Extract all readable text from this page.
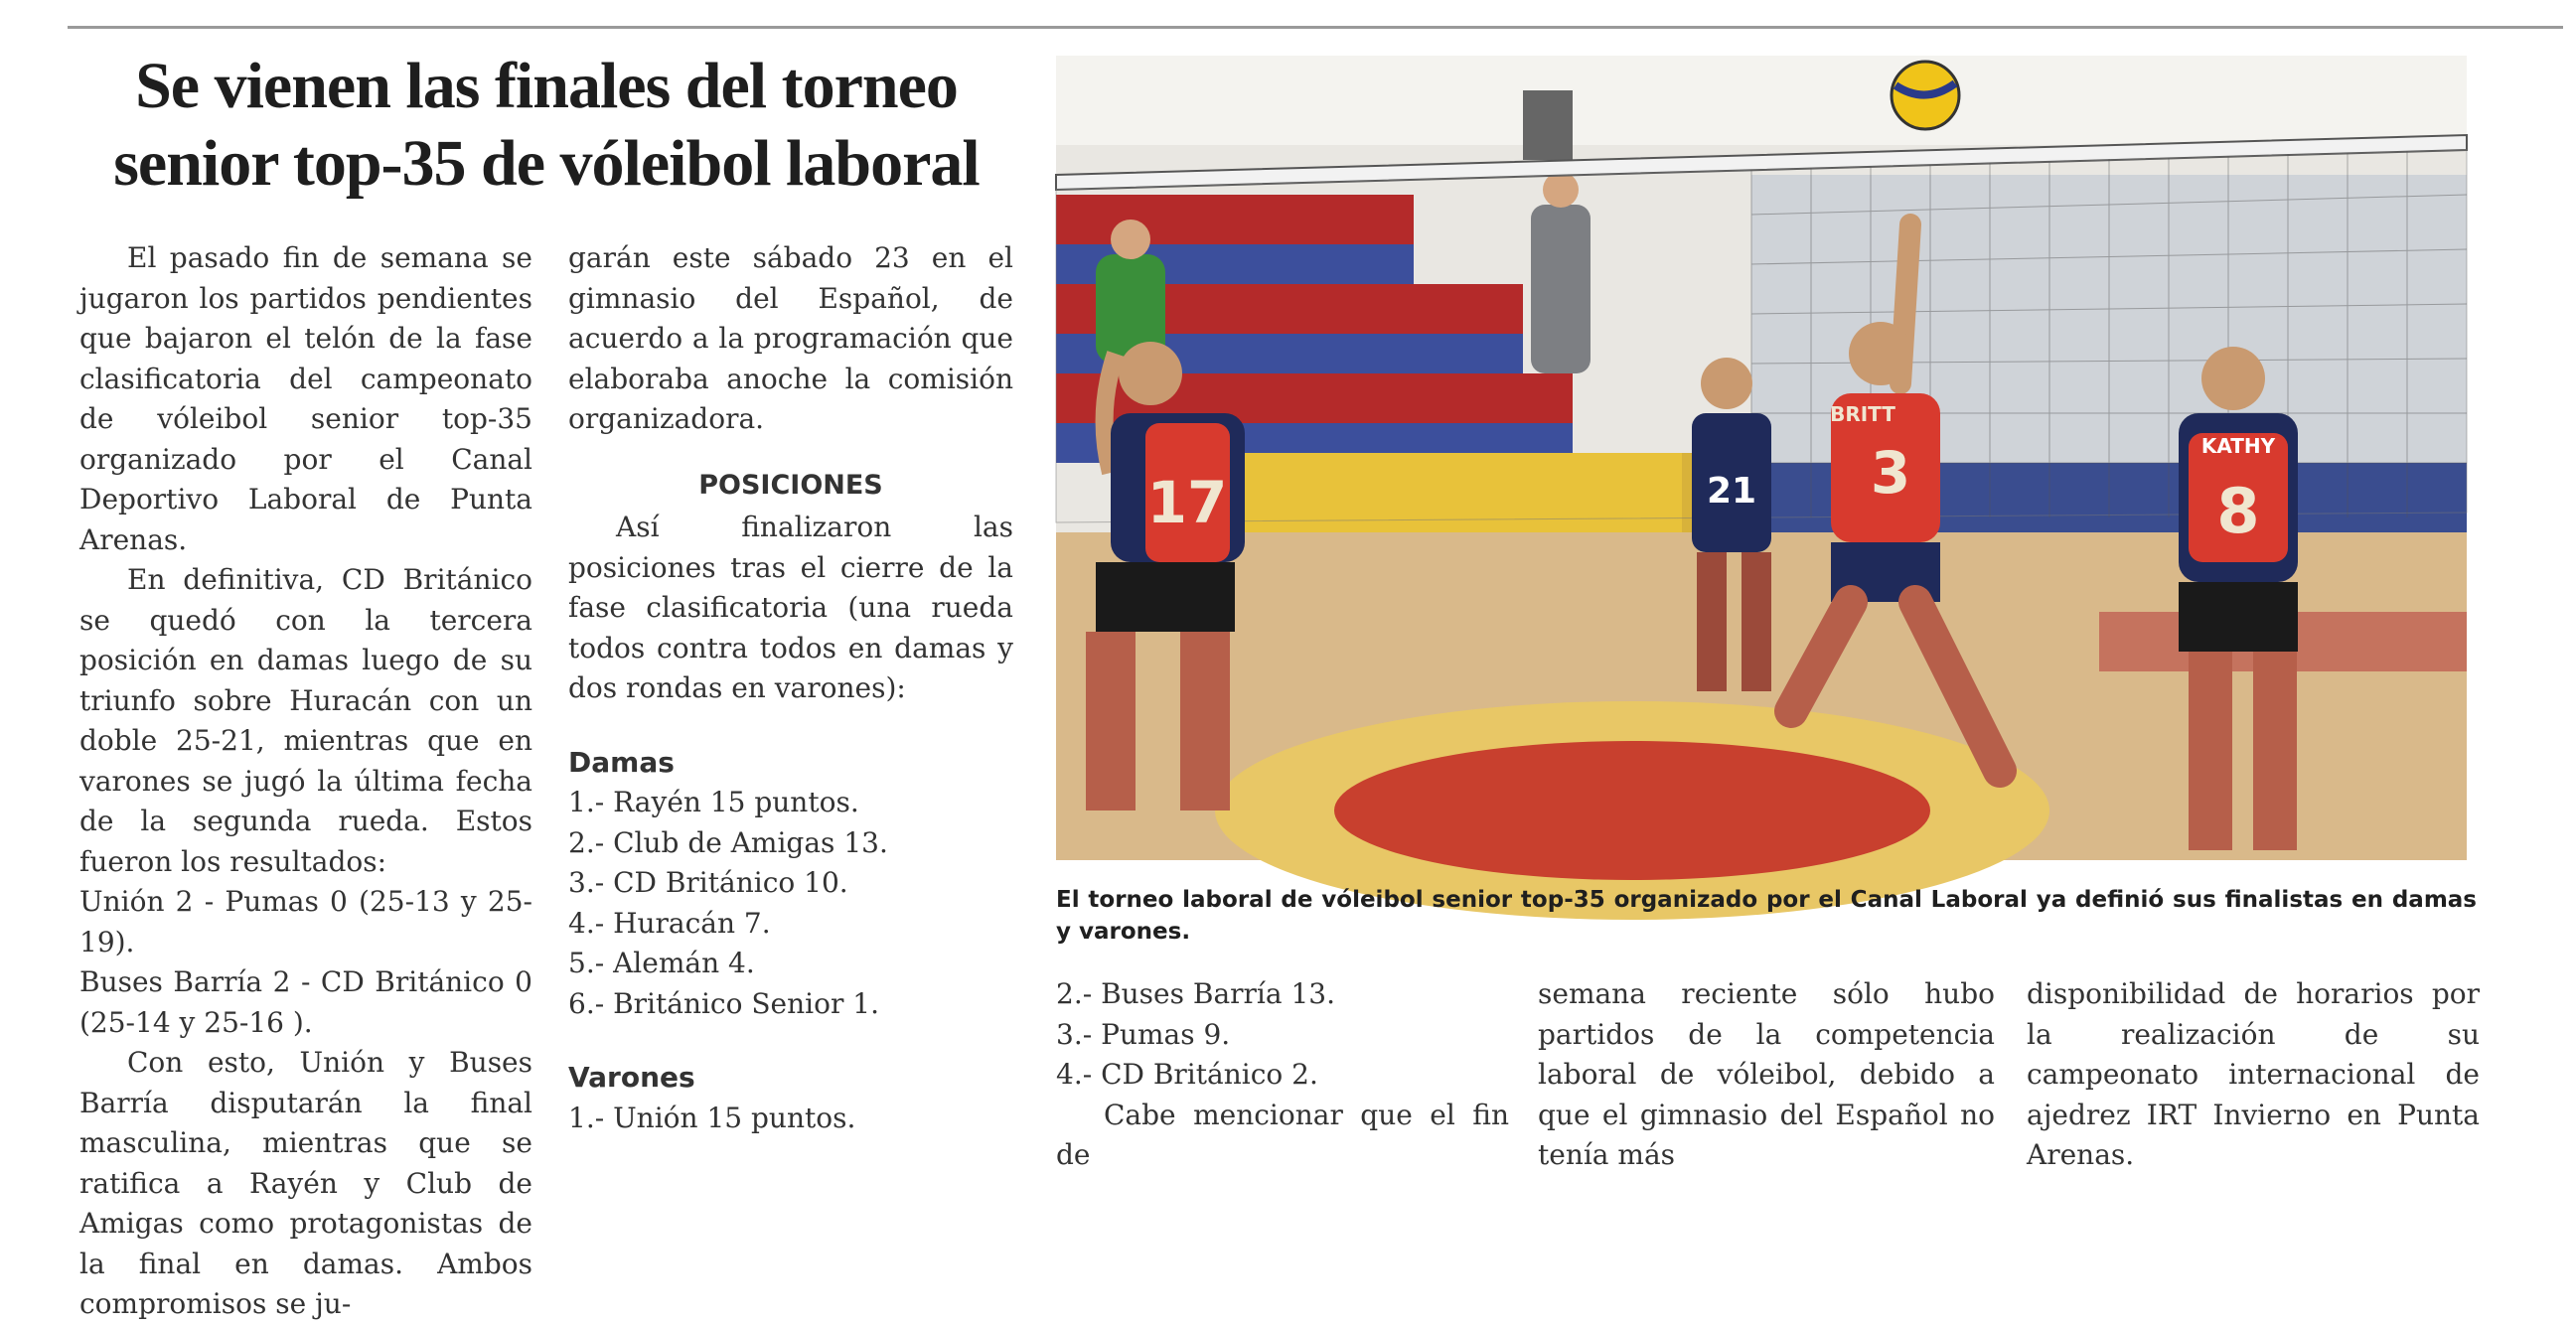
Se vienen las finales del torneo
senior top-35 de vóleibol laboral

El pasado fin de semana se jugaron los partidos pendientes que bajaron el telón de la fase clasificatoria del campeonato de vóleibol senior top-35 organizado por el Canal Deportivo Laboral de Punta Arenas.

En definitiva, CD Británico se quedó con la tercera posición en damas luego de su triunfo sobre Huracán con un doble 25-21, mientras que en varones se jugó la última fecha de la segunda rueda. Estos fueron los resultados:

Unión 2 - Pumas 0 (25-13 y 25-19).

Buses Barría 2 - CD Británico 0 (25-14 y 25-16 ).

Con esto, Unión y Buses Barría disputarán la final masculina, mientras que se ratifica a Rayén y Club de Amigas como protagonistas de la final en damas. Ambos compromisos se ju-

garán este sábado 23 en el gimnasio del Español, de acuerdo a la programación que elaboraba anoche la comisión organizadora.

POSICIONES

Así finalizaron las posiciones tras el cierre de la fase clasificatoria (una rueda todos contra todos en damas y dos rondas en varones):

Damas
1.- Rayén 15 puntos.
2.- Club de Amigas 13.
3.- CD Británico 10.
4.- Huracán 7.
5.- Alemán 4.
6.- Británico Senior 1.
Varones
1.- Unión 15 puntos.
17	21
BRITT
3	KATHY
8

El torneo laboral de vóleibol senior top-35 organizado por el Canal Laboral ya definió sus finalistas en damas y varones.

2.- Buses Barría 13.
3.- Pumas 9.
4.- CD Británico 2.

Cabe mencionar que el fin de

semana reciente sólo hubo partidos de la competencia laboral de vóleibol, debido a que el gimnasio del Español no tenía más

disponibilidad de horarios por la realización de su campeonato internacional de ajedrez IRT Invierno en Punta Arenas.
